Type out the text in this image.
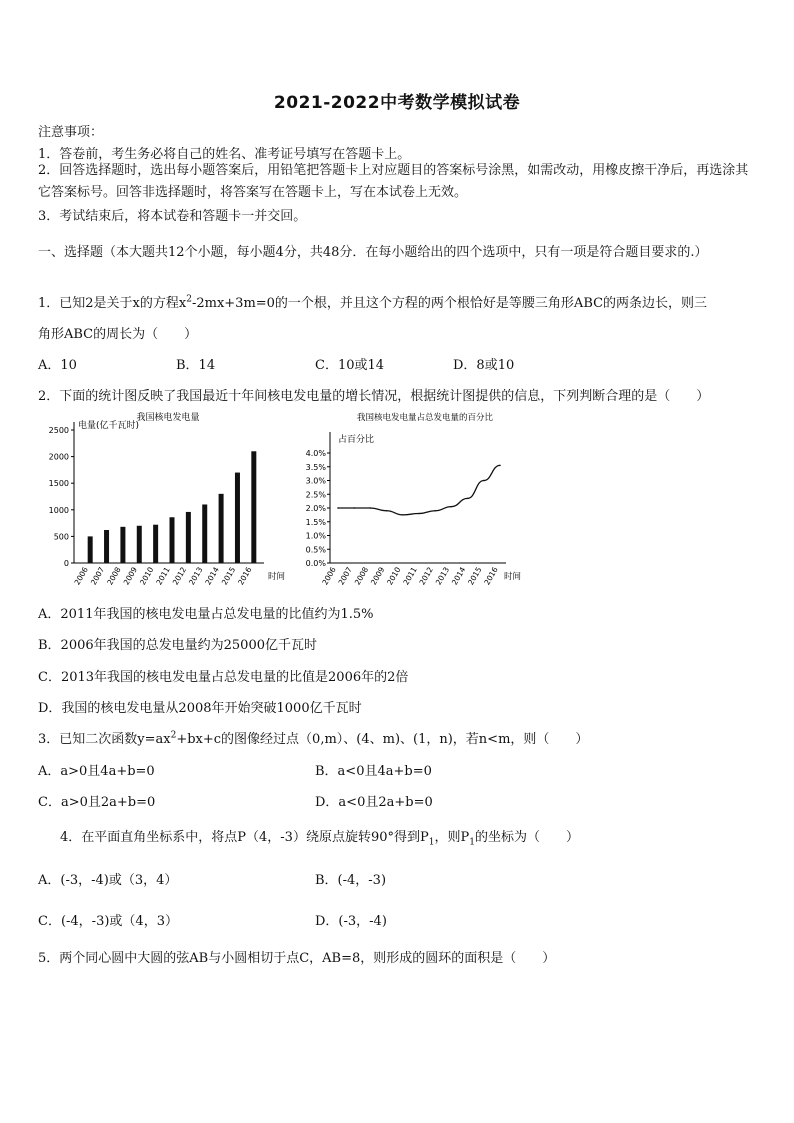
2021-2022中考数学模拟试卷
注意事项：
1．答卷前，考生务必将自己的姓名、准考证号填写在答题卡上。
2．回答选择题时，选出每小题答案后，用铅笔把答题卡上对应题目的答案标号涂黑，如需改动，用橡皮擦干净后，再选涂其它答案标号。回答非选择题时，将答案写在答题卡上，写在本试卷上无效。
3．考试结束后，将本试卷和答题卡一并交回。
一、选择题（本大题共12个小题，每小题4分，共48分．在每小题给出的四个选项中，只有一项是符合题目要求的.）
1．已知2是关于x的方程$x^2-2mx+3m=0$的一个根，并且这个方程的两个根恰好是等腰三角形ABC的两条边长，则三
角形ABC的周长为（　　）
A．10	B．14	C．10或14	D．8或10
2．下面的统计图反映了我国最近十年间核电发电量的增长情况，根据统计图提供的信息，下列判断合理的是（　　）
我国核电发电量
电量(亿千瓦时)
0
500
1000
1500
2000
2500
2006 2007 2008 2009 2010 2011 2012 2013 2014 2015 2016 时间
我国核电发电量占总发电量的百分比
占百分比
0.0%
0.5%
1.0%
1.5%
2.0%
2.5%
3.0%
3.5%
4.0%
2006
2007
2008
2009
2010
2011
2012
2013
2014
2015
2016 时间
A．2011年我国的核电发电量占总发电量的比值约为1.5%
B．2006年我国的总发电量约为25000亿千瓦时
C．2013年我国的核电发电量占总发电量的比值是2006年的2倍
D．我国的核电发电量从2008年开始突破1000亿千瓦时
3．已知二次函数$y=ax^2+bx+c$的图像经过点（0,m）、(4、m)、(1，n)，若n<m，则（　　）
A．a>0且4a+b=0	B．a<0且4a+b=0
C．a>0且2a+b=0	D．a<0且2a+b=0
4．在平面直角坐标系中，将点P（4，-3）绕原点旋转90°得到$P_1$，则$P_1$的坐标为（　　）
A．(-3，-4)或（3，4）	B．(-4，-3)
C．(-4，-3)或（4，3）	D．(-3，-4)
5．两个同心圆中大圆的弦AB与小圆相切于点C，AB=8，则形成的圆环的面积是（　　）
